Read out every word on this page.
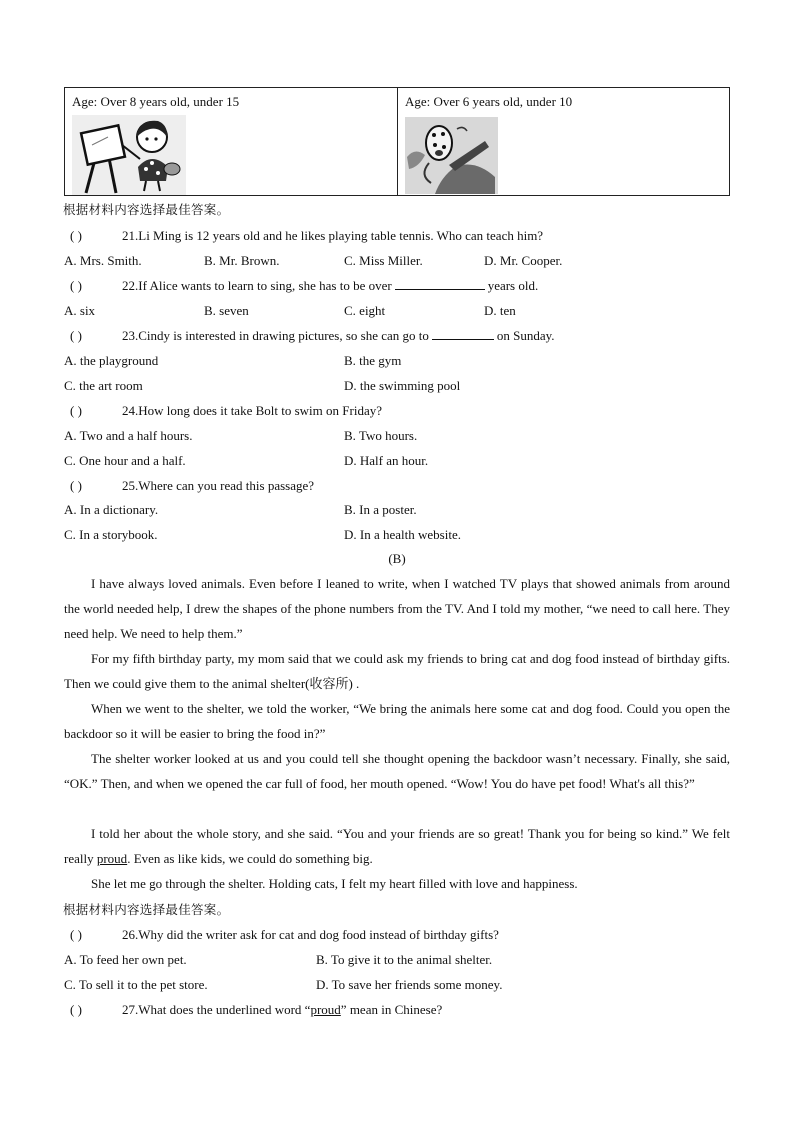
Age: Over 8 years old, under 15	Age: Over 6 years old, under 10
根据材料内容选择最佳答案。
( )	21.Li Ming is 12 years old and he likes playing table tennis. Who can teach him?
A. Mrs. Smith.	B. Mr. Brown.	C. Miss Miller.	D. Mr. Cooper.
( )	22.If Alice wants to learn to sing, she has to be over	years old.
A. six	B. seven	C. eight	D. ten
( )	23.Cindy is interested in drawing pictures, so she can go to	on Sunday.
A. the playground	B. the gym
C. the art room	D. the swimming pool
( )	24.How long does it take Bolt to swim on Friday?
A. Two and a half hours.	B. Two hours.
C. One hour and a half.	D. Half an hour.
( )	25.Where can you read this passage?
A. In a dictionary.	B. In a poster.
C. In a storybook.	D. In a health website.
(B)
I have always loved animals. Even before I leaned to write, when I watched TV plays that showed animals from around the world needed help, I drew the shapes of the phone numbers from the TV. And I told my mother, “we need to call here. They need help. We need to help them.”
For my fifth birthday party, my mom said that we could ask my friends to bring cat and dog food instead of birthday gifts. Then we could give them to the animal shelter(收容所) .
When we went to the shelter, we told the worker, “We bring the animals here some cat and dog food. Could you open the backdoor so it will be easier to bring the food in?”
The shelter worker looked at us and you could tell she thought opening the backdoor wasn’t necessary. Finally, she said, “OK.” Then, and when we opened the car full of food, her mouth opened. “Wow! You do have pet food! What's all this?”
I told her about the whole story, and she said. “You and your friends are so great! Thank you for being so kind.” We felt really proud. Even as like kids, we could do something big.
She let me go through the shelter. Holding cats, I felt my heart filled with love and happiness.
根据材料内容选择最佳答案。
( )	26.Why did the writer ask for cat and dog food instead of birthday gifts?
A. To feed her own pet.	B. To give it to the animal shelter.
C. To sell it to the pet store.	D. To save her friends some money.
( )	27.What does the underlined word “proud” mean in Chinese?
